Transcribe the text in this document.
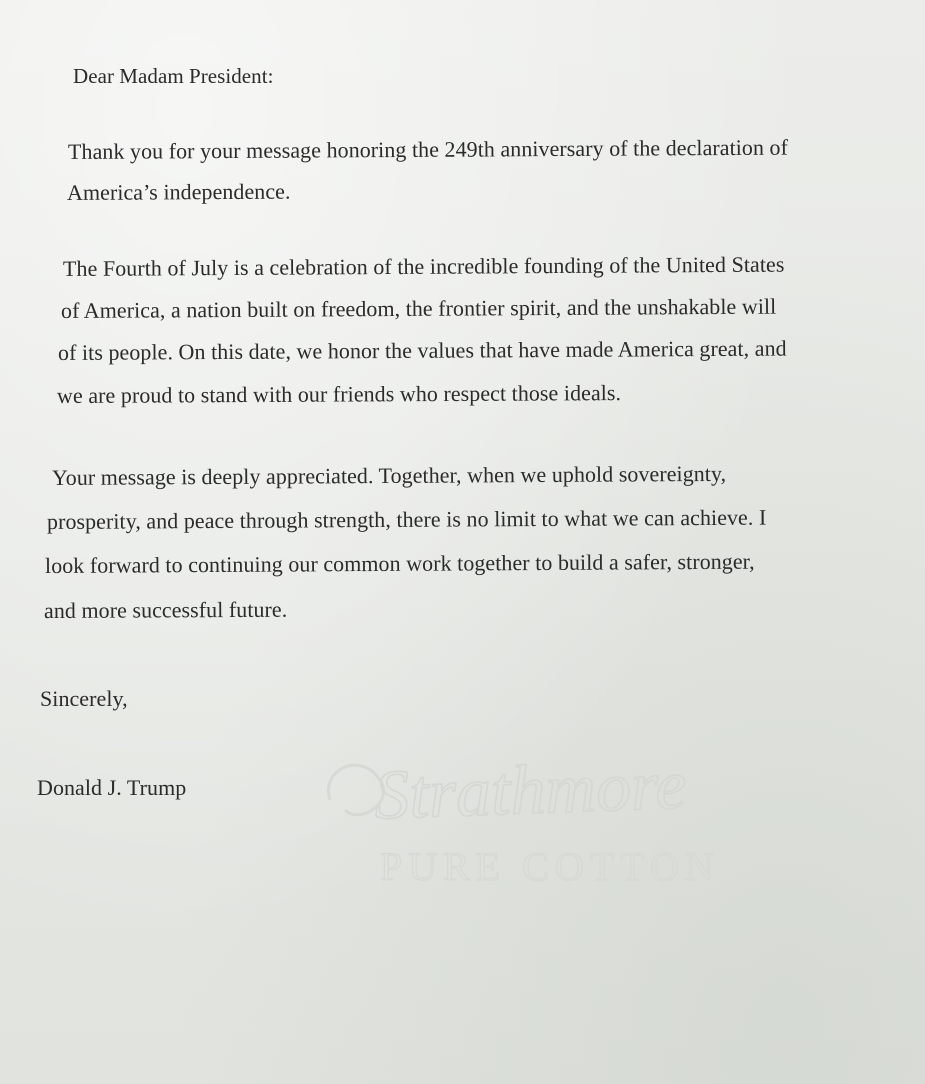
Strathmore
PURE COTTON
Dear Madam President:
Thank you for your message honoring the 249th anniversary of the declaration of
America’s independence.
The Fourth of July is a celebration of the incredible founding of the United States
of America, a nation built on freedom, the frontier spirit, and the unshakable will
of its people. On this date, we honor the values that have made America great, and
we are proud to stand with our friends who respect those ideals.
Your message is deeply appreciated. Together, when we uphold sovereignty,
prosperity, and peace through strength, there is no limit to what we can achieve. I
look forward to continuing our common work together to build a safer, stronger,
and more successful future.
Sincerely,
Donald J. Trump
